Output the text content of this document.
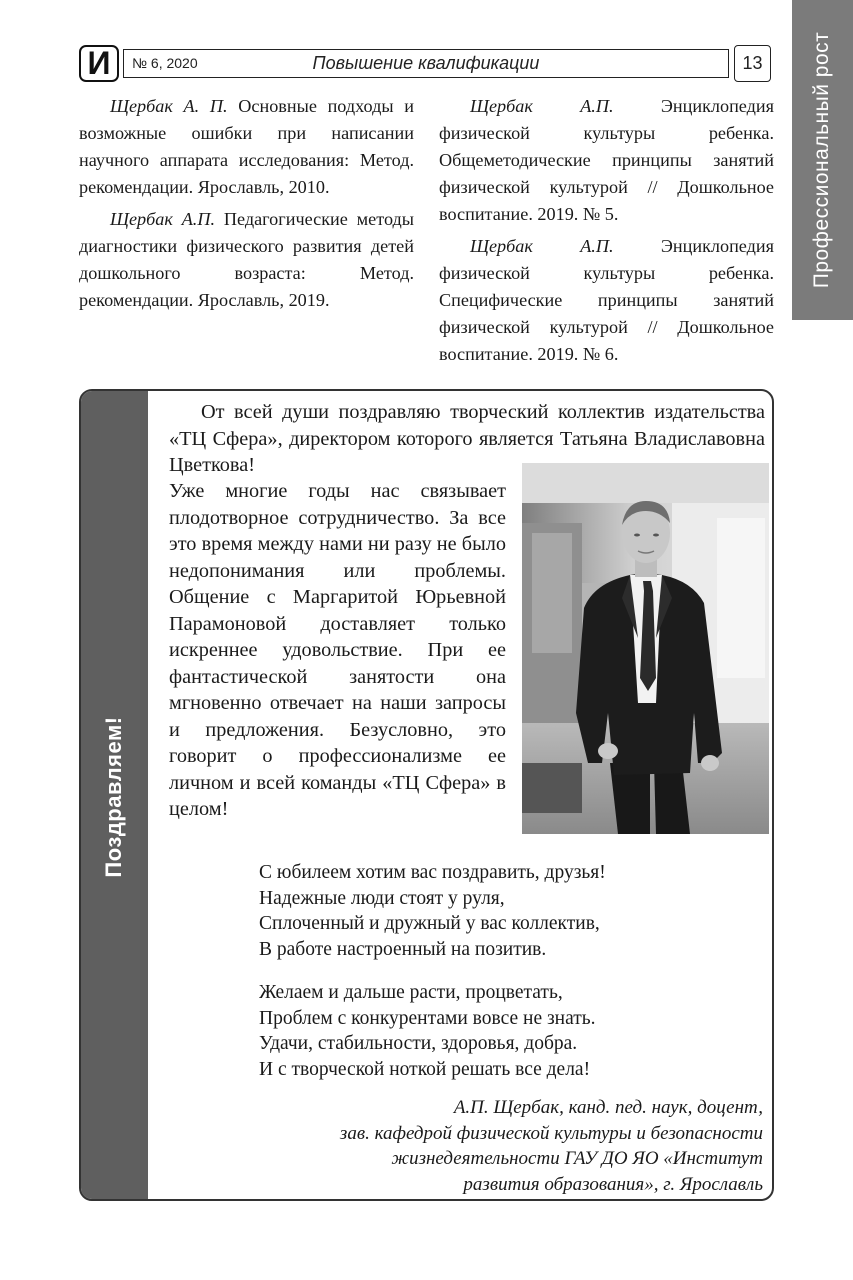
И	№ 6, 2020	Повышение квалификации	13	Профессиональный рост

Щербак А. П. Основные подходы и возможные ошибки при написании научного аппарата исследования: Метод. рекомендации. Ярославль, 2010.

Щербак А.П. Педагогические методы диагностики физического развития детей дошкольного возраста: Метод. рекомендации. Ярославль, 2019.

Щербак А.П. Энциклопедия физической культуры ребенка. Общеметодические принципы занятий физической культурой // Дошкольное воспитание. 2019. № 5.

Щербак А.П. Энциклопедия физической культуры ребенка. Специфические принципы занятий физической культурой // Дошкольное воспитание. 2019. № 6.

Поздравляем!

От всей души поздравляю творческий коллектив издательства «ТЦ Сфера», директором которого является Татьяна Владиславовна Цветкова!

Уже многие годы нас связывает плодотворное сотрудничество. За все это время между нами ни разу не было недопонимания или проблемы. Общение с Маргаритой Юрьевной Парамоновой доставляет только искреннее удовольствие. При ее фантастической занятости она мгновенно отвечает на наши запросы и предложения. Безусловно, это говорит о профессионализме ее личном и всей команды «ТЦ Сфера» в целом!

С юбилеем хотим вас поздравить, друзья!
Надежные люди стоят у руля,
Сплоченный и дружный у вас коллектив,
В работе настроенный на позитив.
Желаем и дальше расти, процветать,
Проблем с конкурентами вовсе не знать.
Удачи, стабильности, здоровья, добра.
И с творческой ноткой решать все дела!
А.П. Щербак, канд. пед. наук, доцент,
зав. кафедрой физической культуры и безопасности
жизнедеятельности ГАУ ДО ЯО «Институт
развития образования», г. Ярославль
